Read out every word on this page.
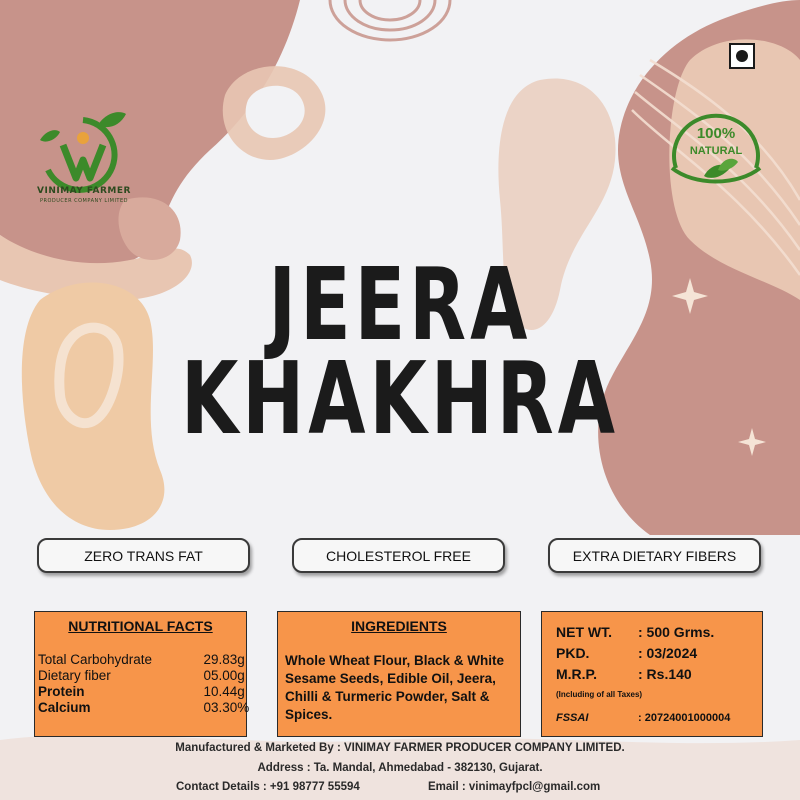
VINIMAY FARMER
PRODUCER COMPANY LIMITED
100%
NATURAL
JEERA
KHAKHRA
ZERO TRANS FAT	CHOLESTEROL FREE	EXTRA DIETARY FIBERS
NUTRITIONAL FACTS
Total Carbohydrate	29.83g
Dietary fiber	05.00g
Protein	10.44g
Calcium	03.30%
INGREDIENTS
Whole Wheat Flour, Black & White Sesame Seeds, Edible Oil, Jeera, Chilli & Turmeric Powder, Salt & Spices.
NET WT. : 500 Grms.
PKD.	: 03/2024
M.R.P.	: Rs.140
(Including of all Taxes)
FSSAI	: 20724001000004
Manufactured & Marketed By : VINIMAY FARMER PRODUCER COMPANY LIMITED.
Address : Ta. Mandal, Ahmedabad - 382130, Gujarat.
Contact Details : +91 98777 55594	Email : vinimayfpcl@gmail.com
